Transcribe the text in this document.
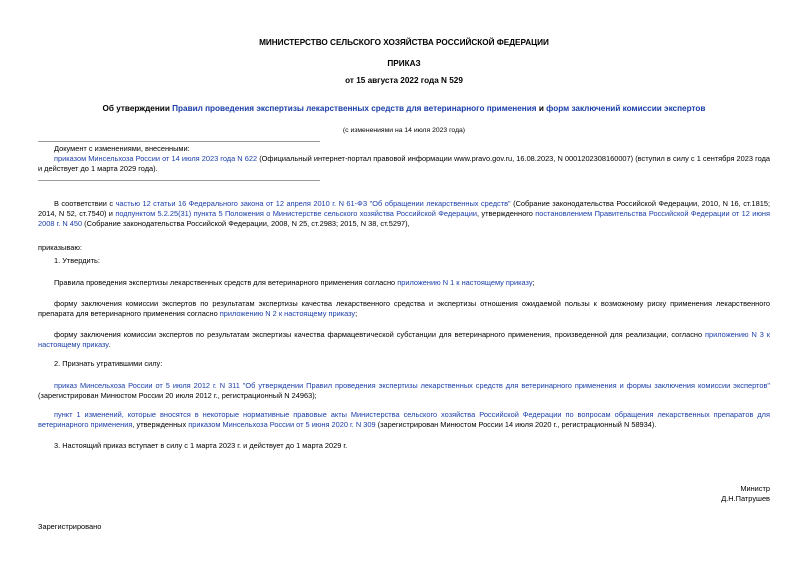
МИНИСТЕРСТВО СЕЛЬСКОГО ХОЗЯЙСТВА РОССИЙСКОЙ ФЕДЕРАЦИИ
ПРИКАЗ
от 15 августа 2022 года N 529
Об утверждении Правил проведения экспертизы лекарственных средств для ветеринарного применения и форм заключений комиссии экспертов
(с изменениями на 14 июля 2023 года)
Документ с изменениями, внесенными:
приказом Минсельхоза России от 14 июля 2023 года N 622 (Официальный интернет-портал правовой информации www.pravo.gov.ru, 16.08.2023, N 0001202308160007) (вступил в силу с 1 сентября 2023 года и действует до 1 марта 2029 года).
В соответствии с частью 12 статьи 16 Федерального закона от 12 апреля 2010 г. N 61-ФЗ "Об обращении лекарственных средств" (Собрание законодательства Российской Федерации, 2010, N 16, ст.1815; 2014, N 52, ст.7540) и подпунктом 5.2.25(31) пункта 5 Положения о Министерстве сельского хозяйства Российской Федерации, утвержденного постановлением Правительства Российской Федерации от 12 июня 2008 г. N 450 (Собрание законодательства Российской Федерации, 2008, N 25, ст.2983; 2015, N 38, ст.5297),
приказываю:
1. Утвердить:
Правила проведения экспертизы лекарственных средств для ветеринарного применения согласно приложению N 1 к настоящему приказу;
форму заключения комиссии экспертов по результатам экспертизы качества лекарственного средства и экспертизы отношения ожидаемой пользы к возможному риску применения лекарственного препарата для ветеринарного применения согласно приложению N 2 к настоящему приказу;
форму заключения комиссии экспертов по результатам экспертизы качества фармацевтической субстанции для ветеринарного применения, произведенной для реализации, согласно приложению N 3 к настоящему приказу.
2. Признать утратившими силу:
приказ Минсельхоза России от 5 июля 2012 г. N 311 "Об утверждении Правил проведения экспертизы лекарственных средств для ветеринарного применения и формы заключения комиссии экспертов" (зарегистрирован Минюстом России 20 июля 2012 г., регистрационный N 24963);
пункт 1 изменений, которые вносятся в некоторые нормативные правовые акты Министерства сельского хозяйства Российской Федерации по вопросам обращения лекарственных препаратов для ветеринарного применения, утвержденных приказом Минсельхоза России от 5 июня 2020 г. N 309 (зарегистрирован Минюстом России 14 июля 2020 г., регистрационный N 58934).
3. Настоящий приказ вступает в силу с 1 марта 2023 г. и действует до 1 марта 2029 г.
Министр
Д.Н.Патрушев
Зарегистрировано
